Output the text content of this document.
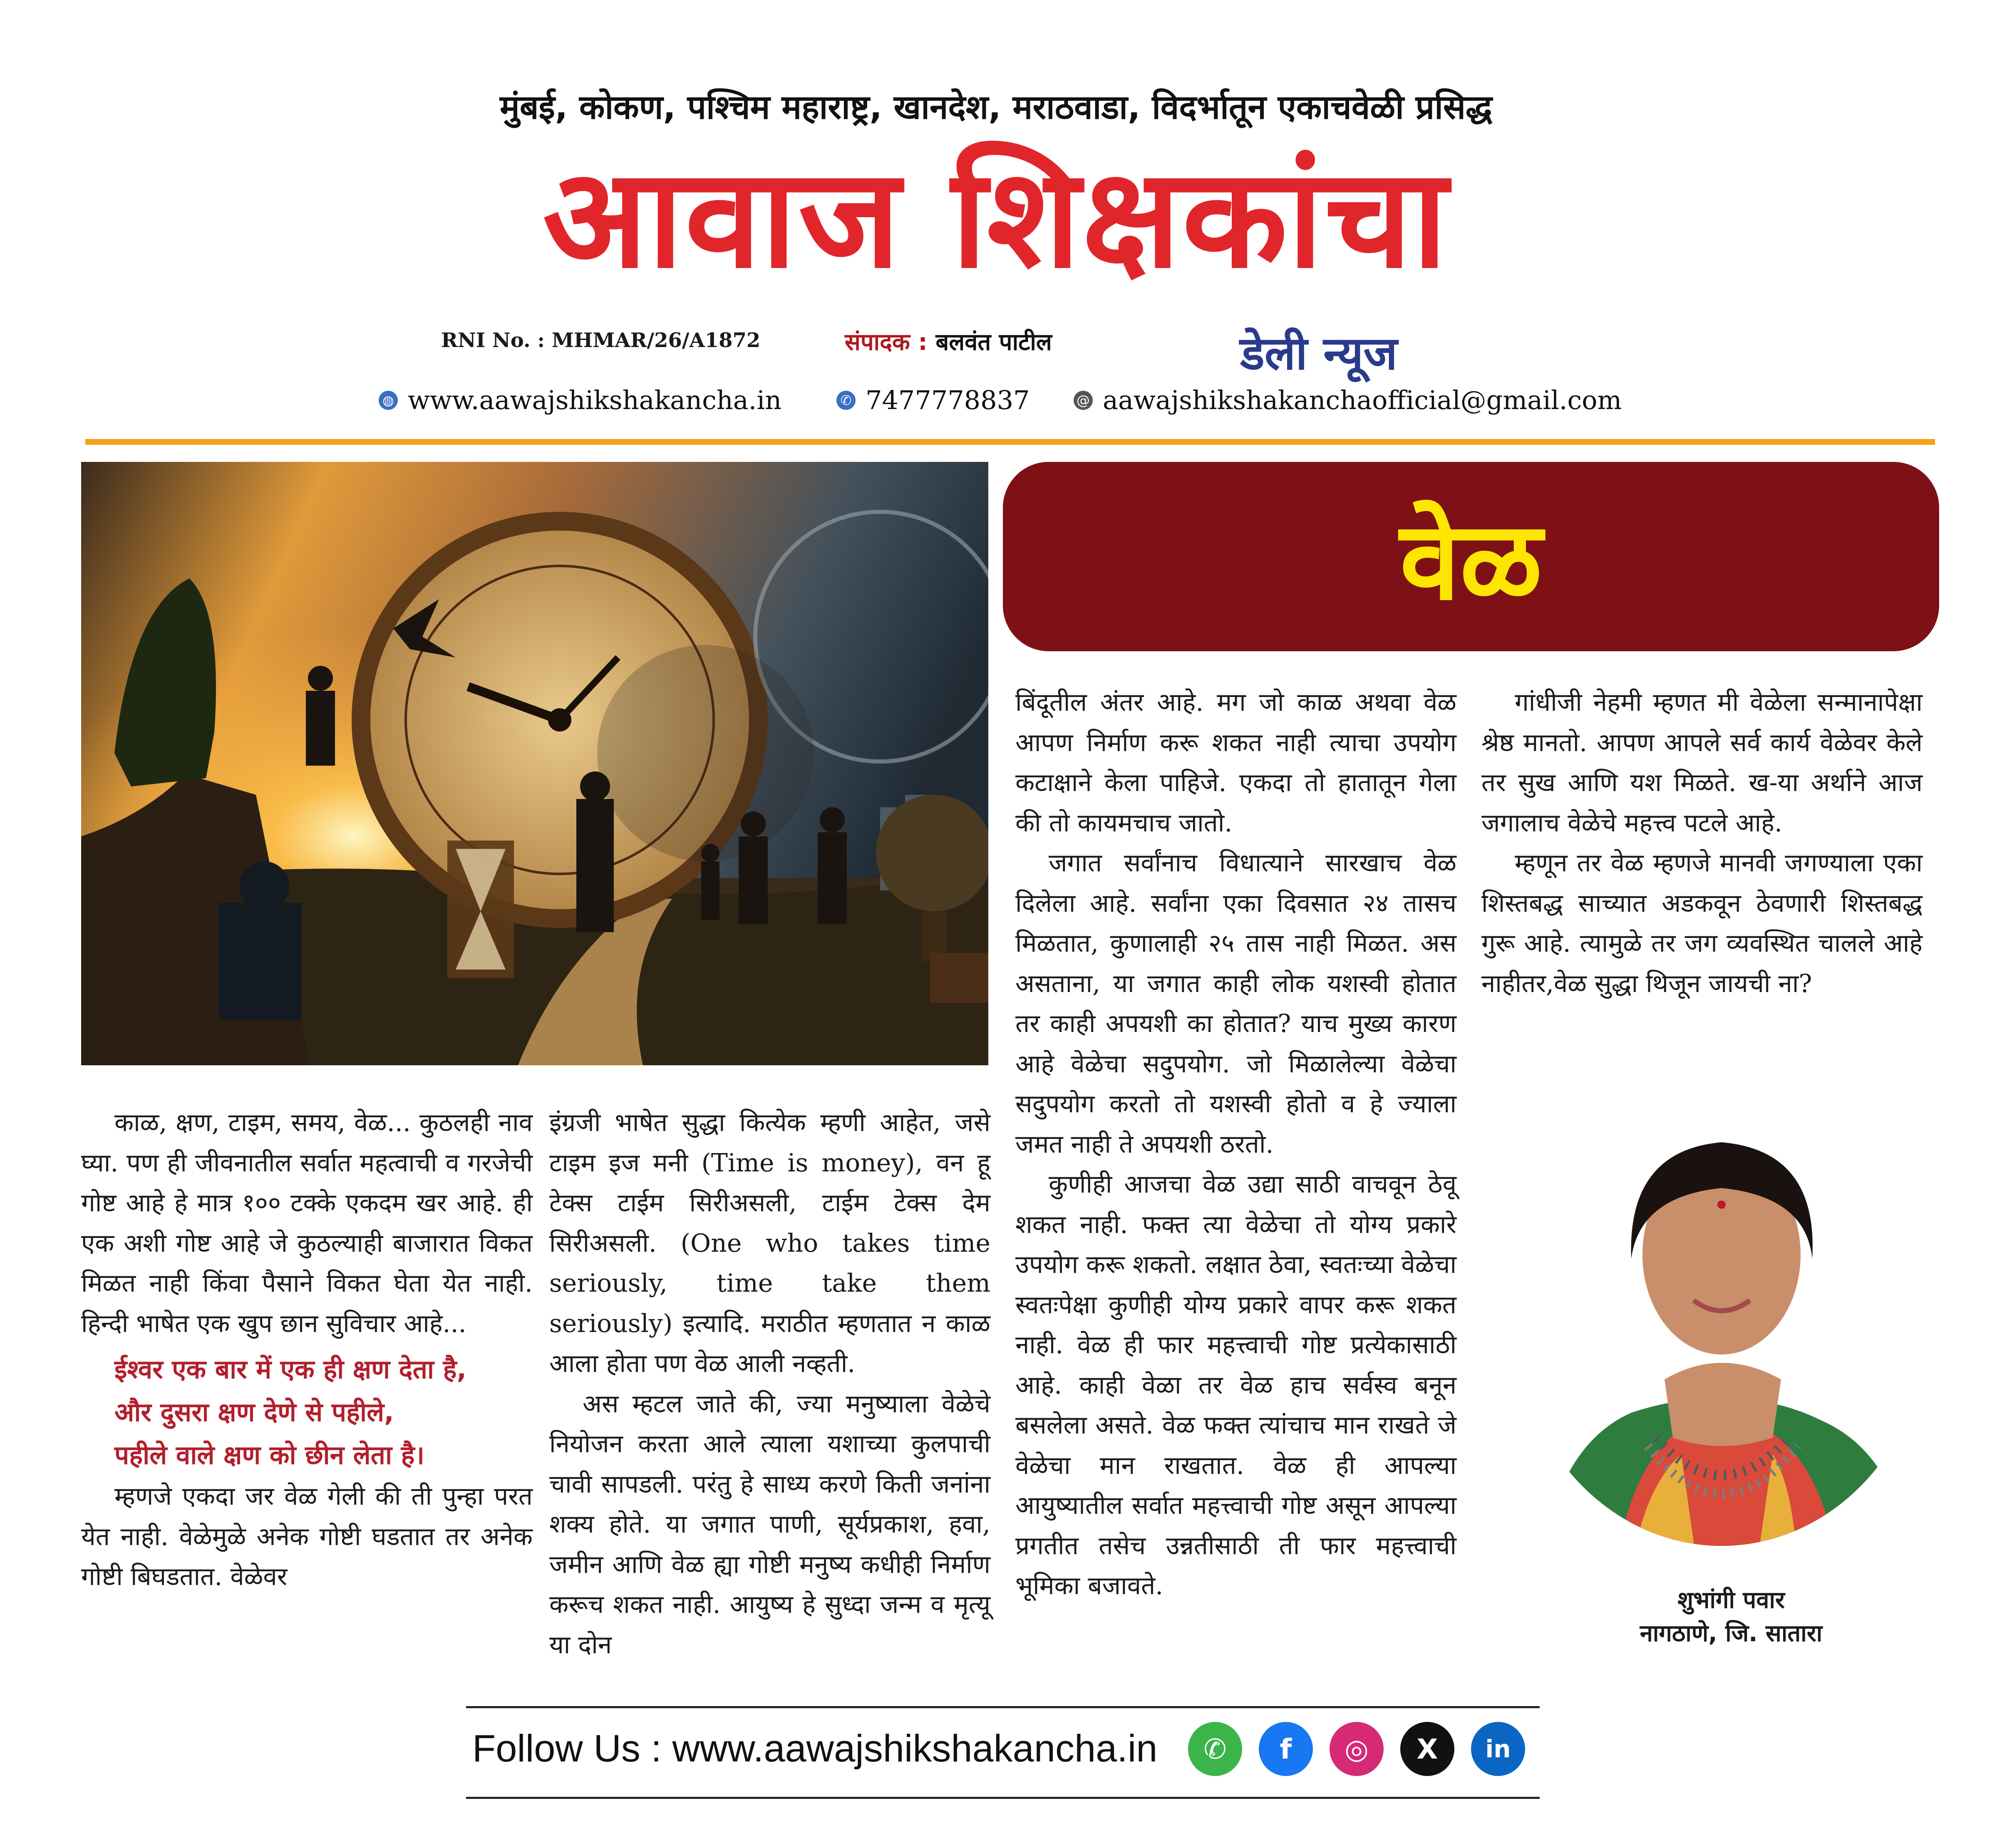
मुंबई, कोकण, पश्चिम महाराष्ट्र, खानदेश, मराठवाडा, विदर्भातून एकाचवेळी प्रसिद्ध
आवाज शिक्षकांचा
RNI No. : MHMAR/26/A1872	संपादक : बलवंत पाटील	डेली न्यूज
◍ www.aawajshikshakancha.in	✆ 7477778837	@ aawajshikshakanchaofficial@gmail.com
वेळ

काळ, क्षण, टाइम, समय, वेळ... कुठलही नाव घ्या. पण ही जीवनातील सर्वात महत्वाची व गरजेची गोष्ट आहे हे मात्र १०० टक्के एकदम खर आहे. ही एक अशी गोष्ट आहे जे कुठल्याही बाजारात विकत मिळत नाही किंवा पैसाने विकत घेता येत नाही. हिन्दी भाषेत एक खुप छान सुविचार आहे...

ईश्वर एक बार में एक ही क्षण देता है,
और दुसरा क्षण देणे से पहीले,
पहीले वाले क्षण को छीन लेता है।

म्हणजे एकदा जर वेळ गेली की ती पुन्हा परत येत नाही. वेळेमुळे अनेक गोष्टी घडतात तर अनेक गोष्टी बिघडतात. वेळेवर

इंग्रजी भाषेत सुद्धा कित्येक म्हणी आहेत, जसे टाइम इज मनी (Time is money), वन हू टेक्स टाईम सिरीअसली, टाईम टेक्स देम सिरीअसली. (One who takes time seriously, time take them seriously) इत्यादि. मराठीत म्हणतात न काळ आला होता पण वेळ आली नव्हती.

अस म्हटल जाते की, ज्या मनुष्याला वेळेचे नियोजन करता आले त्याला यशाच्या कुलपाची चावी सापडली. परंतु हे साध्य करणे किती जनांना शक्य होते. या जगात पाणी, सूर्यप्रकाश, हवा, जमीन आणि वेळ ह्या गोष्टी मनुष्य कधीही निर्माण करूच शकत नाही. आयुष्य हे सुध्दा जन्म व मृत्यू या दोन

बिंदूतील अंतर आहे. मग जो काळ अथवा वेळ आपण निर्माण करू शकत नाही त्याचा उपयोग कटाक्षाने केला पाहिजे. एकदा तो हातातून गेला की तो कायमचाच जातो.

जगात सर्वांनाच विधात्याने सारखाच वेळ दिलेला आहे. सर्वांना एका दिवसात २४ तासच मिळतात, कुणालाही २५ तास नाही मिळत. अस असताना, या जगात काही लोक यशस्वी होतात तर काही अपयशी का होतात? याच मुख्य कारण आहे वेळेचा सदुपयोग. जो मिळालेल्या वेळेचा सदुपयोग करतो तो यशस्वी होतो व हे ज्याला जमत नाही ते अपयशी ठरतो.

कुणीही आजचा वेळ उद्या साठी वाचवून ठेवू शकत नाही. फक्त त्या वेळेचा तो योग्य प्रकारे उपयोग करू शकतो. लक्षात ठेवा, स्वतःच्या वेळेचा स्वतःपेक्षा कुणीही योग्य प्रकारे वापर करू शकत नाही. वेळ ही फार महत्त्वाची गोष्ट प्रत्येकासाठी आहे. काही वेळा तर वेळ हाच सर्वस्व बनून बसलेला असते. वेळ फक्त त्यांचाच मान राखते जे वेळेचा मान राखतात. वेळ ही आपल्या आयुष्यातील सर्वात महत्त्वाची गोष्ट असून आपल्या प्रगतीत तसेच उन्नतीसाठी ती फार महत्त्वाची भूमिका बजावते.

गांधीजी नेहमी म्हणत मी वेळेला सन्मानापेक्षा श्रेष्ठ मानतो. आपण आपले सर्व कार्य वेळेवर केले तर सुख आणि यश मिळते. ख-या अर्थाने आज जगालाच वेळेचे महत्त्व पटले आहे.

म्हणून तर वेळ म्हणजे मानवी जगण्याला एका शिस्तबद्ध साच्यात अडकवून ठेवणारी शिस्तबद्ध गुरू आहे. त्यामुळे तर जग व्यवस्थित चालले आहे नाहीतर,वेळ सुद्धा थिजून जायची ना?

शुभांगी पवार
नागठाणे, जि. सातारा
Follow Us : www.aawajshikshakancha.in	✆	f	◎	X	in
